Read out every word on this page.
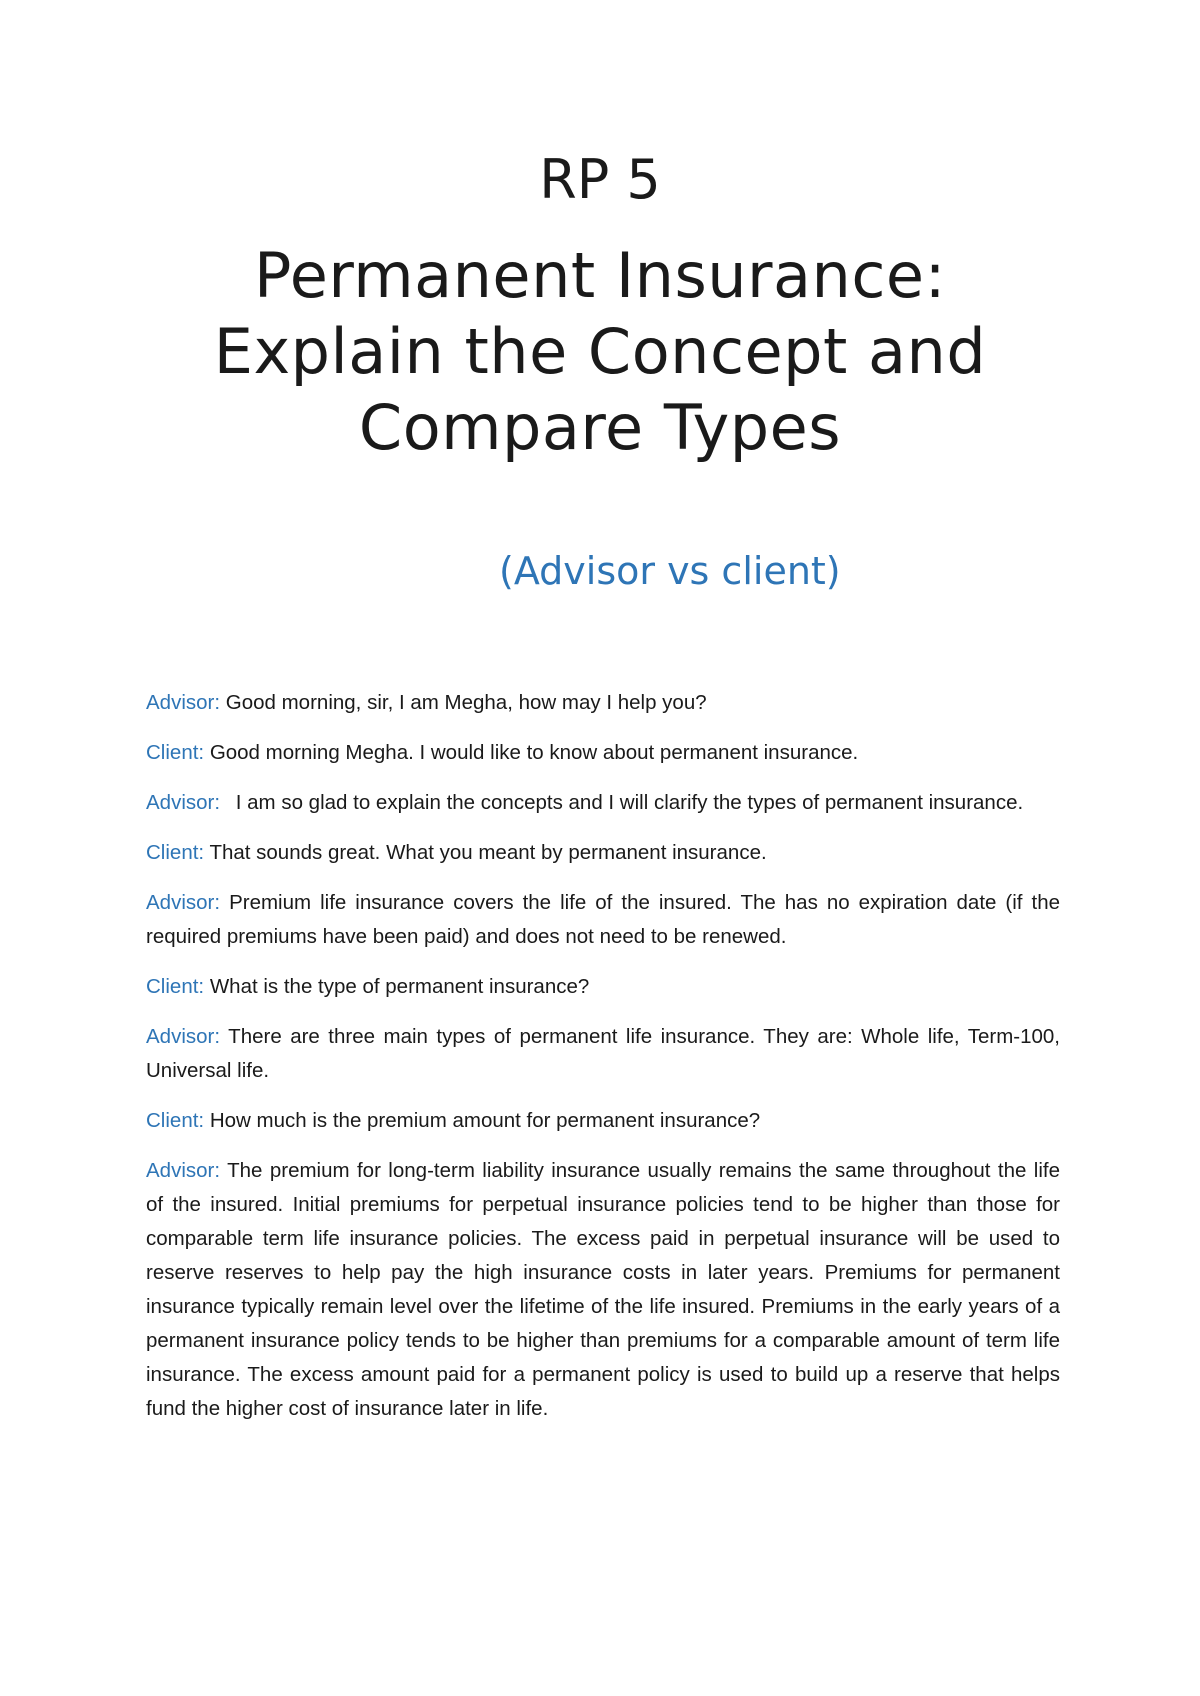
RP 5
Permanent Insurance:
Explain the Concept and
Compare Types

(Advisor vs client)

Advisor: Good morning, sir, I am Megha, how may I help you?

Client: Good morning Megha. I would like to know about permanent insurance.

Advisor: I am so glad to explain the concepts and I will clarify the types of permanent insurance.

Client: That sounds great. What you meant by permanent insurance.

Advisor: Premium life insurance covers the life of the insured. The has no expiration date (if the required premiums have been paid) and does not need to be renewed.

Client: What is the type of permanent insurance?

Advisor: There are three main types of permanent life insurance. They are: Whole life, Term-100, Universal life.

Client: How much is the premium amount for permanent insurance?

Advisor: The premium for long-term liability insurance usually remains the same throughout the life of the insured. Initial premiums for perpetual insurance policies tend to be higher than those for comparable term life insurance policies. The excess paid in perpetual insurance will be used to reserve reserves to help pay the high insurance costs in later years. Premiums for permanent insurance typically remain level over the lifetime of the life insured. Premiums in the early years of a permanent insurance policy tends to be higher than premiums for a comparable amount of term life insurance. The excess amount paid for a permanent policy is used to build up a reserve that helps fund the higher cost of insurance later in life.
